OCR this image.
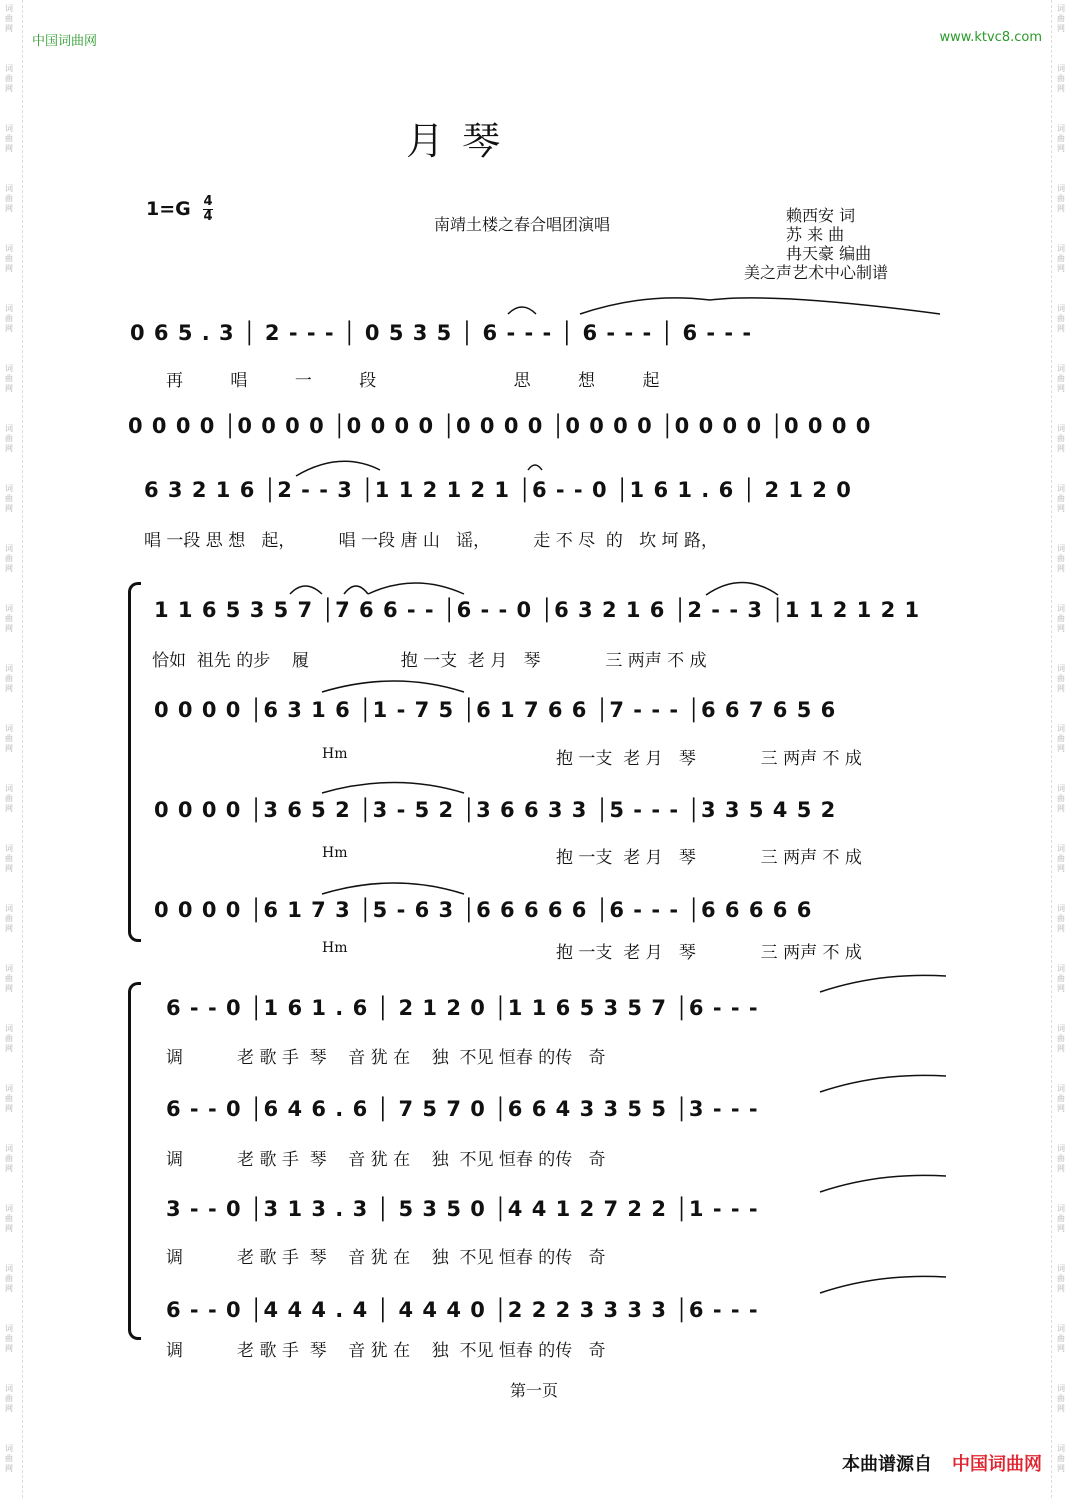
词
曲
网
词
曲
网
词
曲
网
词
曲
网
词
曲
网
词
曲
网
词
曲
网
词
曲
网
词
曲
网
词
曲
网
词
曲
网
词
曲
网
词
曲
网
词
曲
网
词
曲
网
词
曲
网
词
曲
网
词
曲
网
词
曲
网
词
曲
网
词
曲
网
词
曲
网
词
曲
网
词
曲
网
词
曲
网
词
曲
网
词
曲
网
词
曲
网
词
曲
网
词
曲
网
词
曲
网
词
曲
网
词
曲
网
词
曲
网
词
曲
网
词
曲
网
词
曲
网
词
曲
网
词
曲
网
词
曲
网
词
曲
网
词
曲
网
词
曲
网
词
曲
网
词
曲
网
词
曲
网
词
曲
网
词
曲
网
词
曲
网
词
曲
网
中国词曲网	www.ktvc8.com
月 琴
1=G 4
4	南靖土楼之春合唱团演唱	赖西安 词
苏 来 曲
冉天豪 编曲
美之声艺术中心制谱
0 6 5 . 3 │ 2 - - - │ 0 5 3 5 │ 6 - - - │ 6 - - - │ 6 - - -
再	唱	一	段	思	想	起
0 0 0 0 │0 0 0 0 │0 0 0 0 │0 0 0 0 │0 0 0 0 │0 0 0 0 │0 0 0 0
6 3 2 1 6 │2 - - 3 │1 1 2 1 2 1 │6 - - 0 │1 6 1 . 6 │ 2 1 2 0
唱 一段 思 想   起，        唱 一段 唐 山   谣，        走 不 尽  的   坎 坷 路，
1 1 6 5 3 5 7 │7 6 6 - - │6 - - 0 │6 3 2 1 6 │2 - - 3 │1 1 2 1 2 1
恰如  祖先 的步    履                 抱 一支  老 月   琴            三 两声 不 成
0 0 0 0 │6 3 1 6 │1 - 7 5 │6 1 7 6 6 │7 - - - │6 6 7 6 5 6
Hm	抱 一支  老 月   琴            三 两声 不 成
0 0 0 0 │3 6 5 2 │3 - 5 2 │3 6 6 3 3 │5 - - - │3 3 5 4 5 2
Hm	抱 一支  老 月   琴            三 两声 不 成
0 0 0 0 │6 1 7 3 │5 - 6 3 │6 6 6 6 6 │6 - - - │6 6 6 6 6
Hm	抱 一支  老 月   琴            三 两声 不 成
6 - - 0 │1 6 1 . 6 │ 2 1 2 0 │1 1 6 5 3 5 7 │6 - - -
调          老 歌 手  琴    音 犹 在    独  不见 恒春 的传   奇
6 - - 0 │6 4 6 . 6 │ 7 5 7 0 │6 6 4 3 3 5 5 │3 - - -
调          老 歌 手  琴    音 犹 在    独  不见 恒春 的传   奇
3 - - 0 │3 1 3 . 3 │ 5 3 5 0 │4 4 1 2 7 2 2 │1 - - -
调          老 歌 手  琴    音 犹 在    独  不见 恒春 的传   奇
6 - - 0 │4 4 4 . 4 │ 4 4 4 0 │2 2 2 3 3 3 3 │6 - - -
调          老 歌 手  琴    音 犹 在    独  不见 恒春 的传   奇
第一页
本曲谱源自 中国词曲网
